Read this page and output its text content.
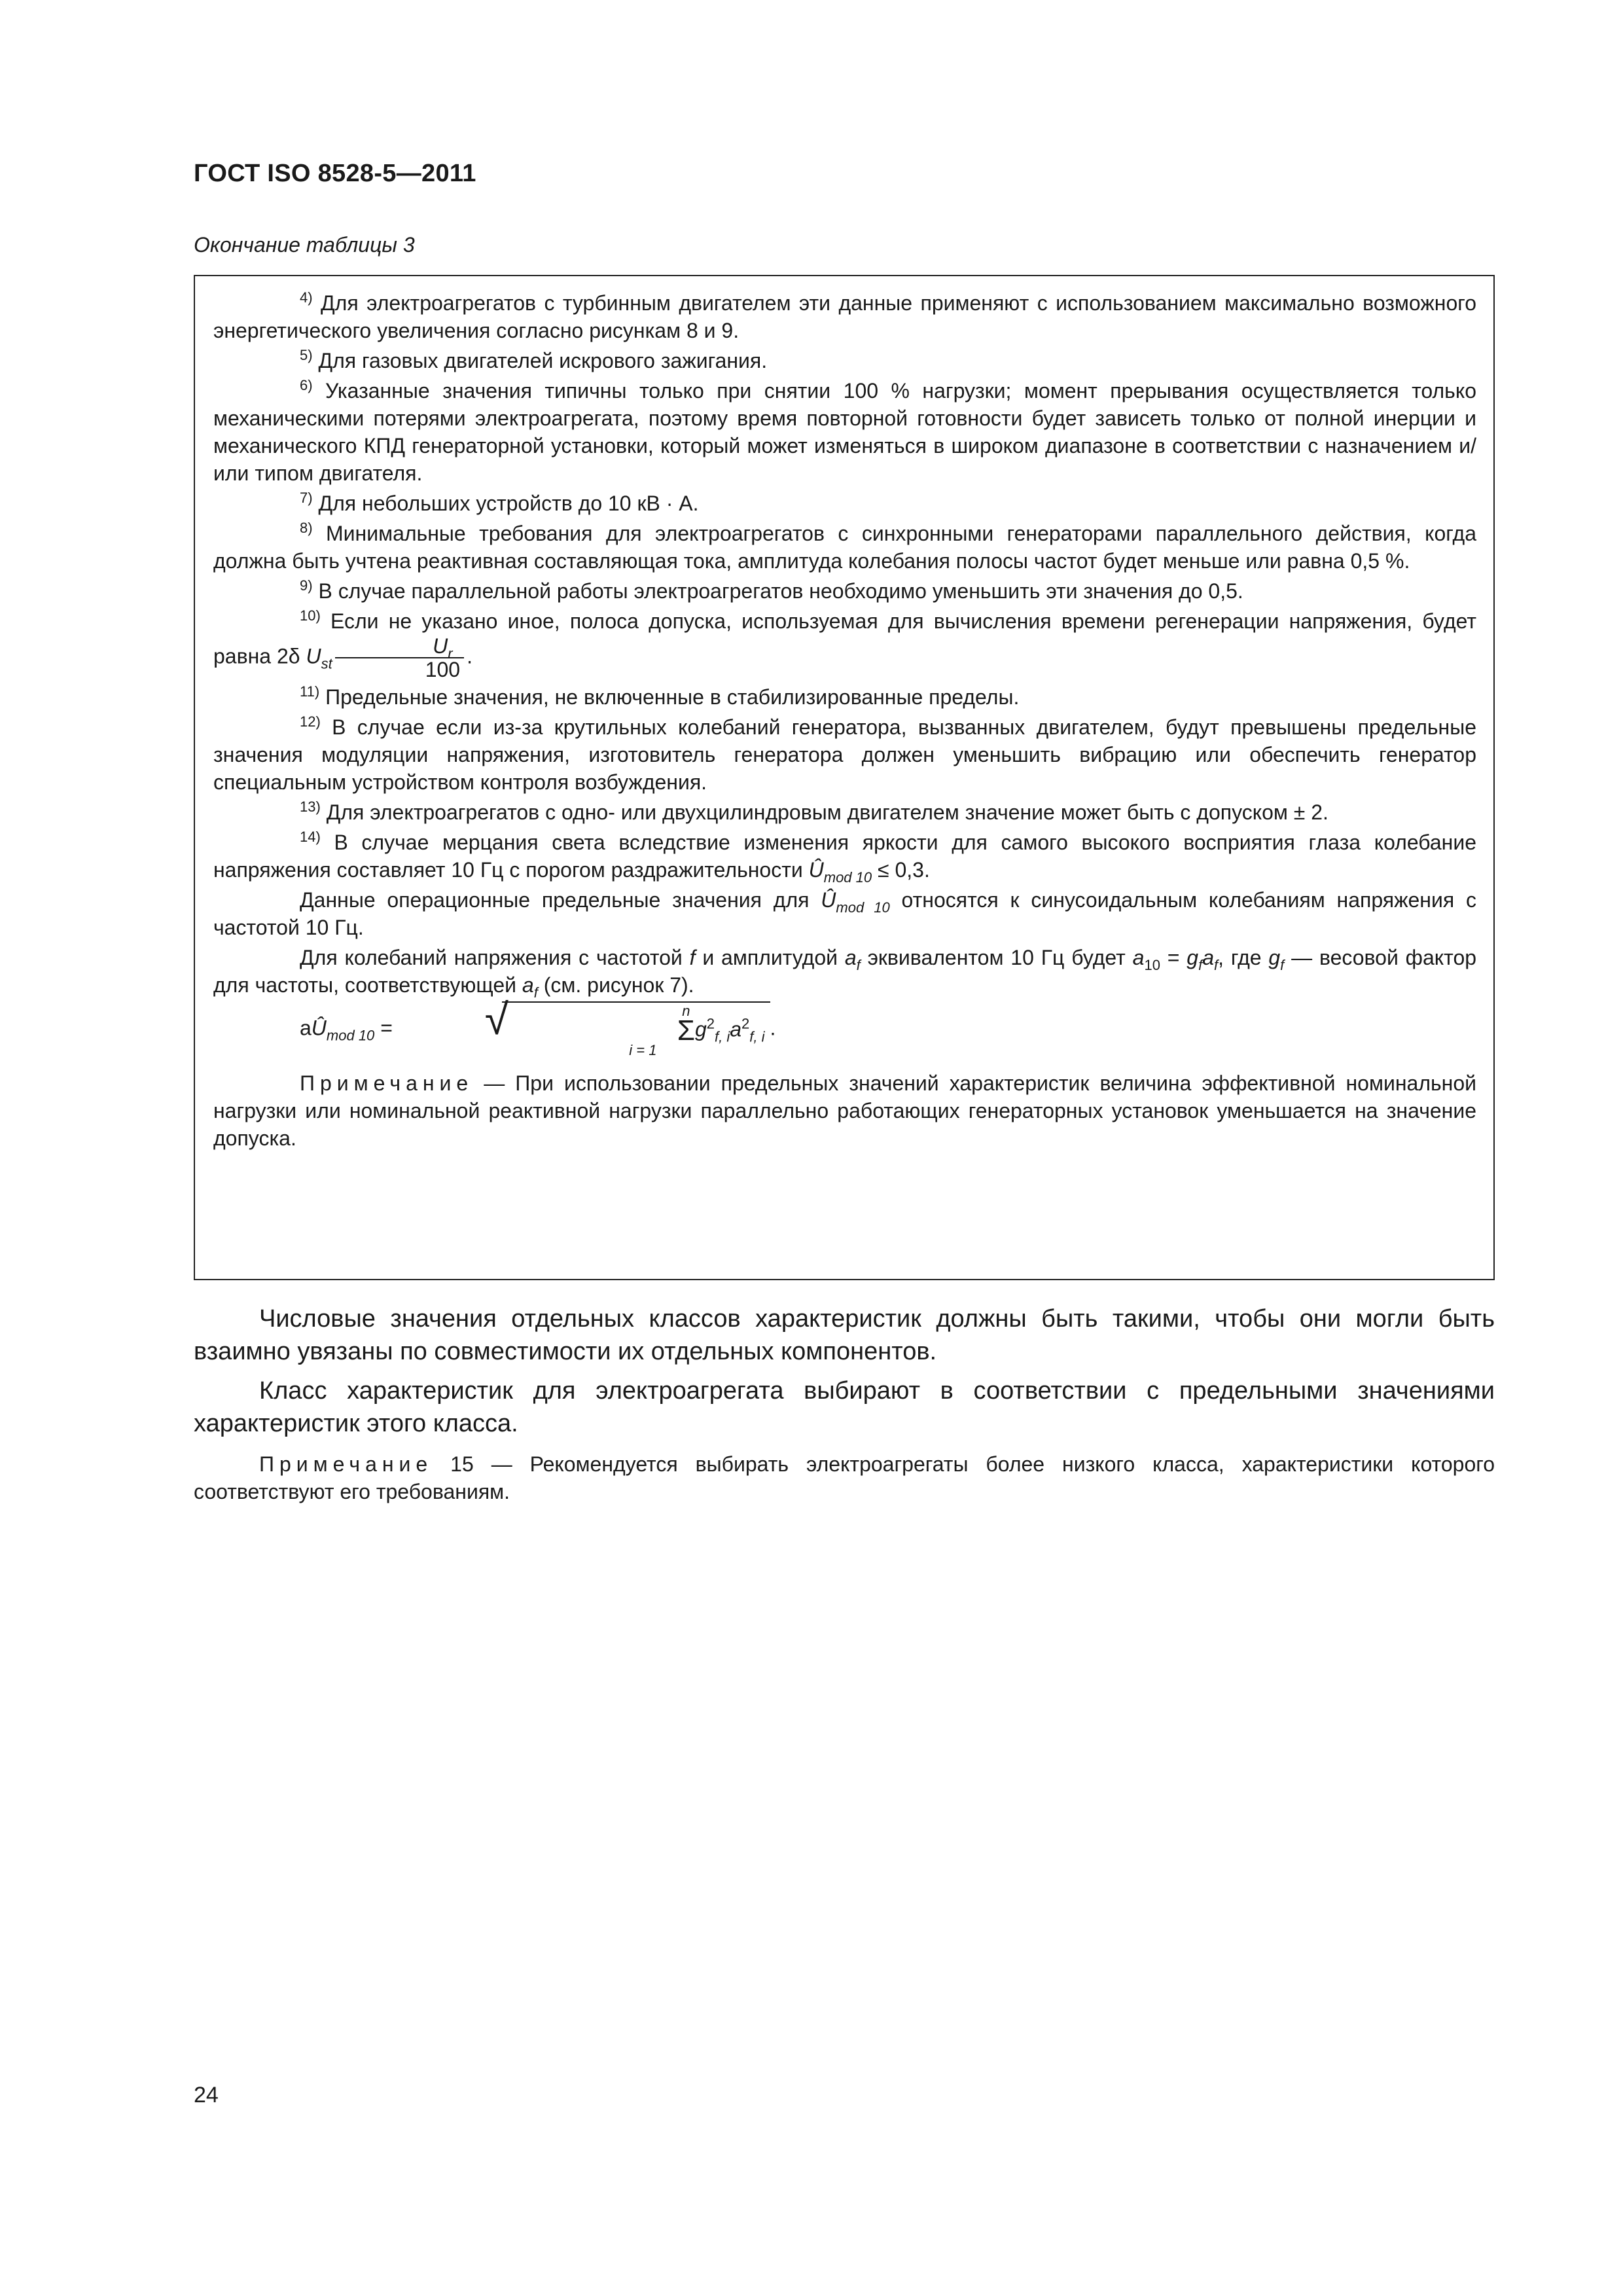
ГОСТ ISO 8528-5—2011
Окончание таблицы 3

$^{4)}$ Для электроагрегатов с турбинным двигателем эти данные применяют с использованием максимально возможного энергетического увеличения согласно рисункам 8 и 9.

$^{5)}$ Для газовых двигателей искрового зажигания.

$^{6)}$ Указанные значения типичны только при снятии 100 % нагрузки; момент прерывания осуществляется только механическими потерями электроагрегата, поэтому время повторной готовности будет зависеть только от полной инерции и механического КПД генераторной установки, который может изменяться в широком диапазоне в соответствии с назначением и/или типом двигателя.

$^{7)}$ Для небольших устройств до 10 кВ · А.

$^{8)}$ Минимальные требования для электроагрегатов с синхронными генераторами параллельного действия, когда должна быть учтена реактивная составляющая тока, амплитуда колебания полосы частот будет меньше или равна 0,5 %.

$^{9)}$ В случае параллельной работы электроагрегатов необходимо уменьшить эти значения до 0,5.

$^{10)}$ Если не указано иное, полоса допуска, используемая для вычисления времени регенерации напряжения, будет равна 2δ $U_{st} \frac{U_r}{100}$ .

$^{11)}$ Предельные значения, не включенные в стабилизированные пределы.

$^{12)}$ В случае если из-за крутильных колебаний генератора, вызванных двигателем, будут превышены предельные значения модуляции напряжения, изготовитель генератора должен уменьшить вибрацию или обеспечить генератор специальным устройством контроля возбуждения.

$^{13)}$ Для электроагрегатов с одно- или двухцилиндровым двигателем значение может быть с допуском ± 2.

$^{14)}$ В случае мерцания света вследствие изменения яркости для самого высокого восприятия глаза колебание напряжения составляет 10 Гц с порогом раздражительности $Û_{mod 10} \le 0,3$.

Данные операционные предельные значения для $Û_{mod 10}$ относятся к синусоидальным колебаниям напряжения с частотой 10 Гц.

Для колебаний напряжения с частотой f и амплитудой $a_f$ эквивалентом 10 Гц будет $a_{10} = g_fa_f$, где $g_f$ — весовой фактор для частоты, соответствующей $a_f$ (см. рисунок 7).

$aÛ_{mod 10}$ =	√	n
Σ
$i = 1g^2_{f, i}a^2_{f, i}$ .

Примечание — При использовании предельных значений характеристик величина эффективной номинальной нагрузки или номинальной реактивной нагрузки параллельно работающих генераторных установок уменьшается на значение допуска.

Числовые значения отдельных классов характеристик должны быть такими, чтобы они могли быть взаимно увязаны по совместимости их отдельных компонентов.

Класс характеристик для электроагрегата выбирают в соответствии с предельными значениями характеристик этого класса.

Примечание 15 — Рекомендуется выбирать электроагрегаты более низкого класса, характеристики которого соответствуют его требованиям.
24
